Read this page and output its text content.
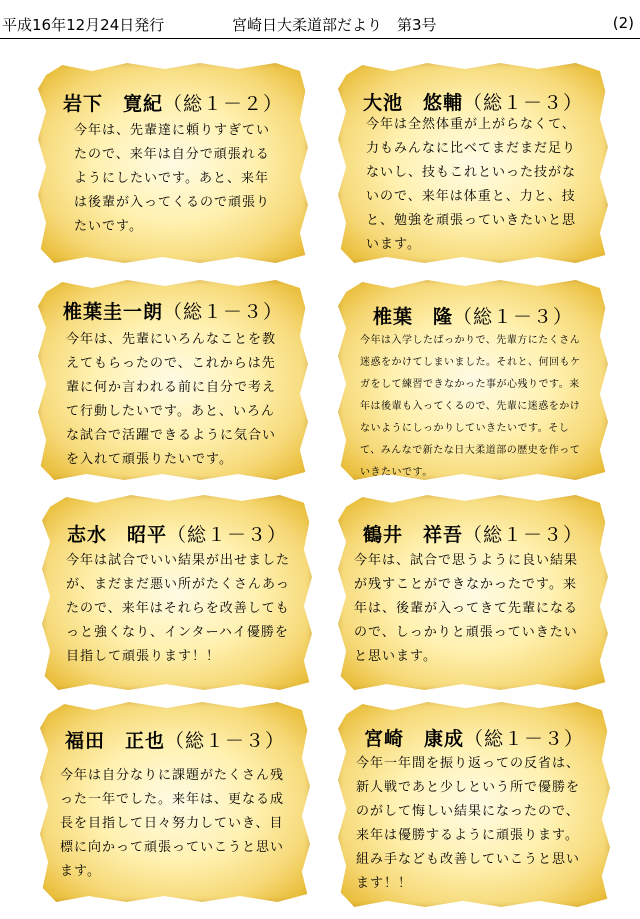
平成16年12月24日発行	宮崎日大柔道部だより　第3号	(2)
岩下　寛紀（総１－２）

今年は、先輩達に頼りすぎていたので、来年は自分で頑張れるようにしたいです。あと、来年は後輩が入ってくるので頑張りたいです。

大池　悠輔（総１－３）

今年は全然体重が上がらなくて、力もみんなに比べてまだまだ足りないし、技もこれといった技がないので、来年は体重と、力と、技と、勉強を頑張っていきたいと思います。

椎葉圭一朗（総１－３）

今年は、先輩にいろんなことを教えてもらったので、これからは先輩に何か言われる前に自分で考えて行動したいです。あと、いろんな試合で活躍できるように気合いを入れて頑張りたいです。

椎葉　隆（総１－３）

今年は入学したばっかりで、先輩方にたくさん迷惑をかけてしまいました。それと、何回もケガをして練習できなかった事が心残りです。来年は後輩も入ってくるので、先輩に迷惑をかけないようにしっかりしていきたいです。そして、みんなで新たな日大柔道部の歴史を作っていきたいです。

志水　昭平（総１－３）

今年は試合でいい結果が出せましたが、まだまだ悪い所がたくさんあったので、来年はそれらを改善してもっと強くなり、インターハイ優勝を目指して頑張ります！！

鶴井　祥吾（総１－３）

今年は、試合で思うように良い結果が残すことができなかったです。来年は、後輩が入ってきて先輩になるので、しっかりと頑張っていきたいと思います。

福田　正也（総１－３）

今年は自分なりに課題がたくさん残った一年でした。来年は、更なる成長を目指して日々努力していき、目標に向かって頑張っていこうと思います。

宮崎　康成（総１－３）

今年一年間を振り返っての反省は、新人戦であと少しという所で優勝をのがして悔しい結果になったので、来年は優勝するように頑張ります。組み手なども改善していこうと思います！！
